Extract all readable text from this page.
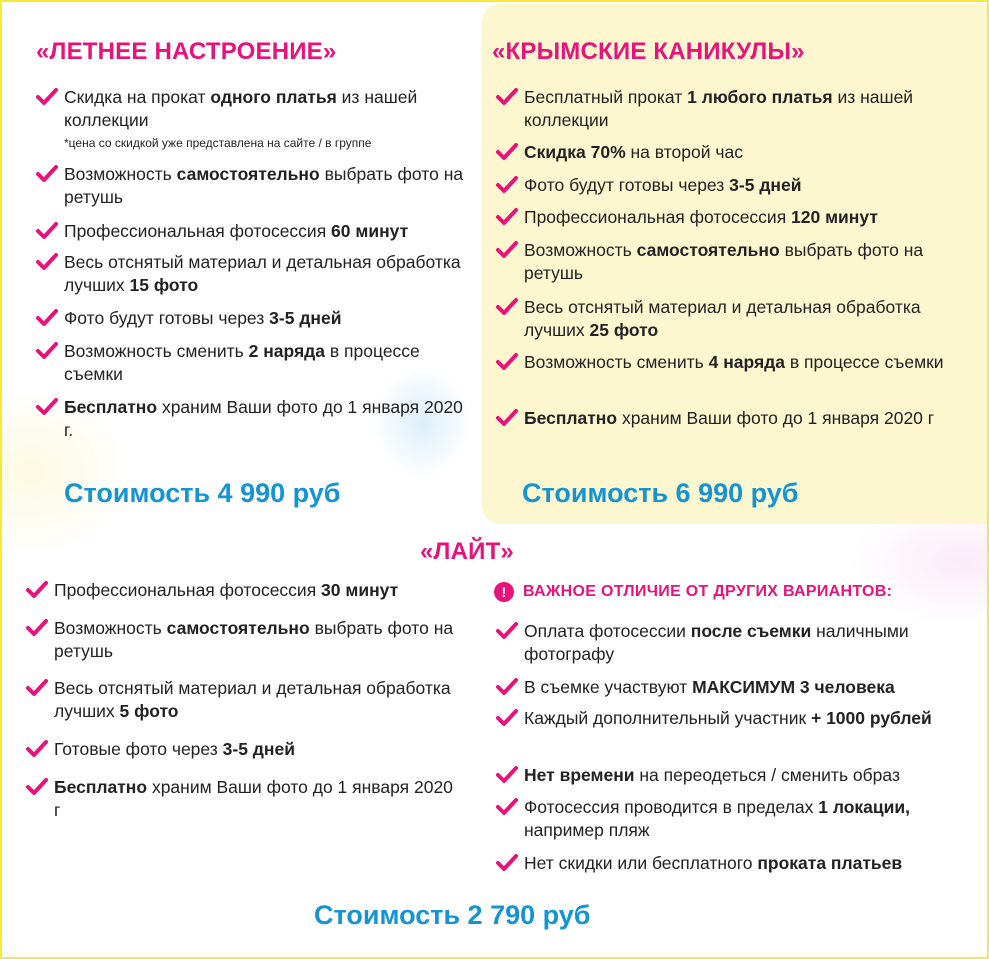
«ЛЕТНЕЕ НАСТРОЕНИЕ»
Скидка на прокат одного платья из нашей коллекции
*цена со скидкой уже представлена на сайте / в группе
Возможность самостоятельно выбрать фото на ретушь
Профессиональная фотосессия 60 минут
Весь отснятый материал и детальная обработка лучших 15 фото
Фото будут готовы через 3-5 дней
Возможность сменить 2 наряда в процессе съемки
Бесплатно храним Ваши фото до 1 января 2020 г.
Стоимость 4 990 руб
«КРЫМСКИЕ КАНИКУЛЫ»
Бесплатный прокат 1 любого платья из нашей коллекции
Скидка 70% на второй час
Фото будут готовы через 3-5 дней
Профессиональная фотосессия 120 минут
Возможность самостоятельно выбрать фото на ретушь
Весь отснятый материал и детальная обработка лучших 25 фото
Возможность сменить 4 наряда в процессе съемки
Бесплатно храним Ваши фото до 1 января 2020 г
Стоимость 6 990 руб
«ЛАЙТ»
Профессиональная фотосессия 30 минут
Возможность самостоятельно выбрать фото на ретушь
Весь отснятый материал и детальная обработка лучших 5 фото
Готовые фото через 3-5 дней
Бесплатно храним Ваши фото до 1 января 2020 г
!	ВАЖНОЕ ОТЛИЧИЕ ОТ ДРУГИХ ВАРИАНТОВ:
Оплата фотосессии после съемки наличными фотографу
В съемке участвуют МАКСИМУМ 3 человека
Каждый дополнительный участник + 1000 рублей
Нет времени на переодеться / сменить образ
Фотосессия проводится в пределах 1 локации, например пляж
Нет скидки или бесплатного проката платьев
Стоимость 2 790 руб
